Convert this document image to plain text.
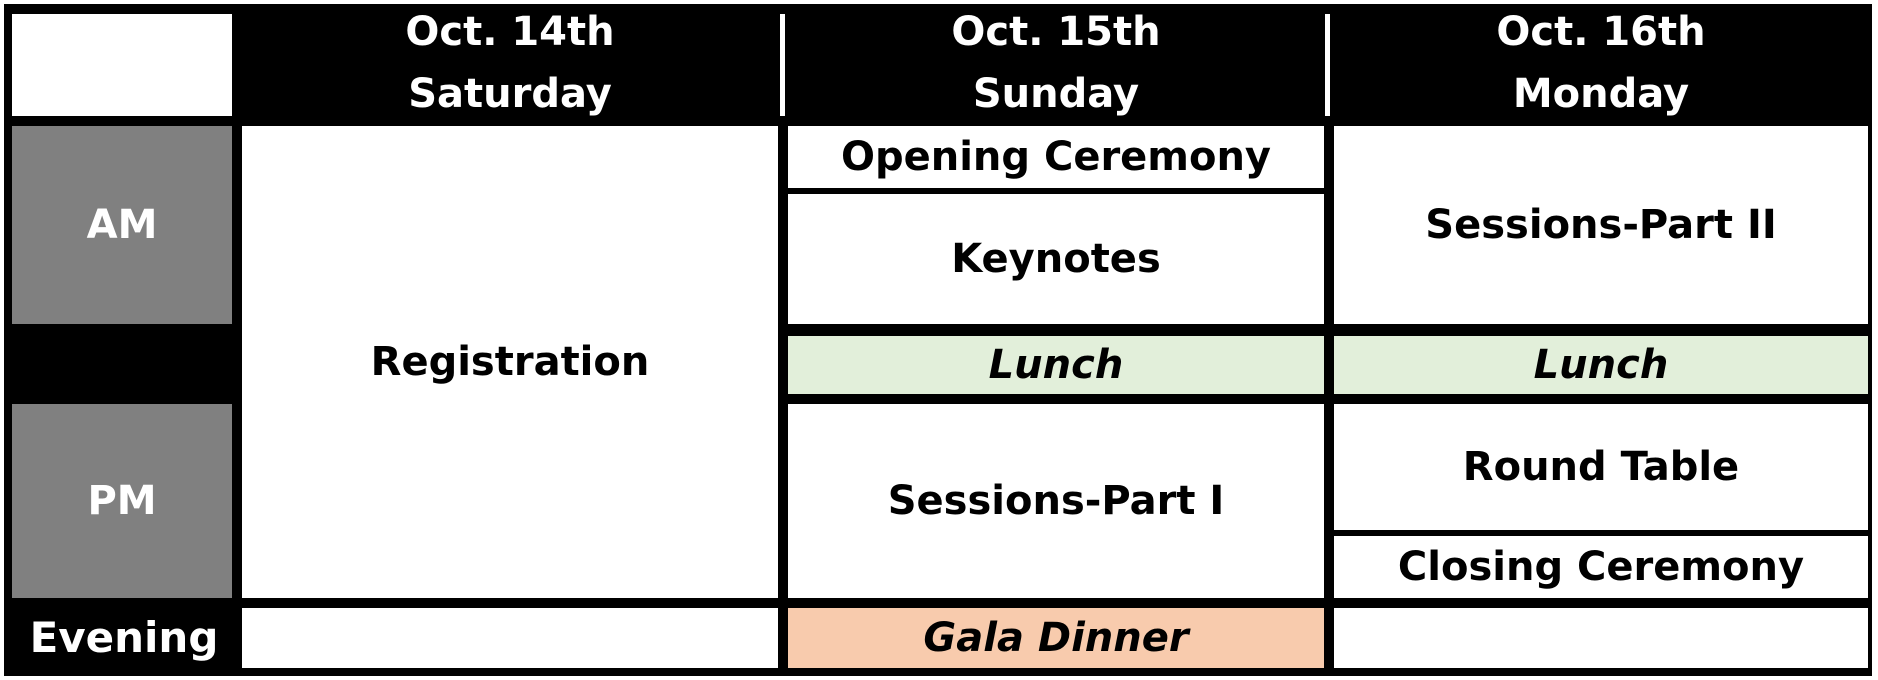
Oct. 14th
Saturday
Oct. 15th
Sunday
Oct. 16th
Monday
AM
PM
Evening
Registration
Opening Ceremony
Keynotes
Lunch
Sessions-Part I
Gala Dinner
Sessions-Part II
Lunch
Round Table
Closing Ceremony
